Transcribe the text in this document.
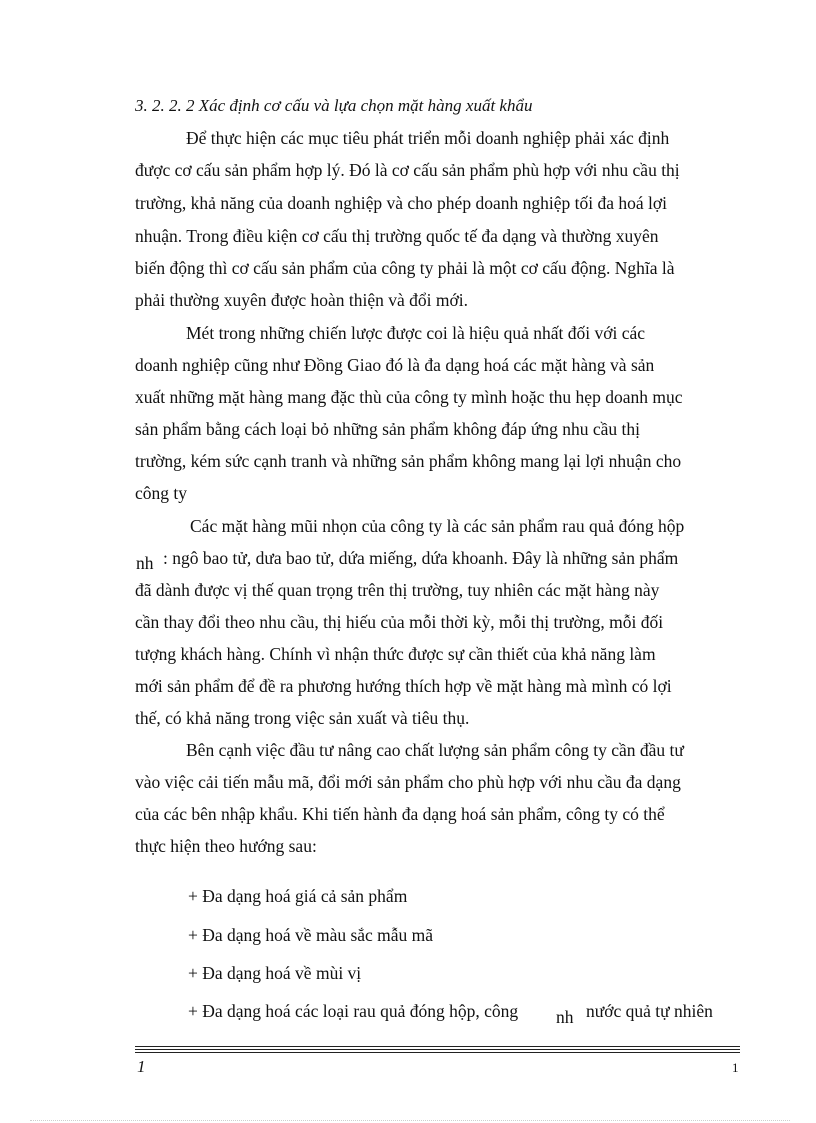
3. 2. 2. 2 Xác định cơ cấu và lựa chọn mặt hàng xuất khẩu
Để thực hiện các mục tiêu phát triển mỗi doanh nghiệp phải xác định
được cơ cấu sản phẩm hợp lý. Đó là cơ cấu sản phẩm phù hợp với nhu cầu thị
trường, khả năng của doanh nghiệp và cho phép doanh nghiệp tối đa hoá lợi
nhuận. Trong điều kiện cơ cấu thị trường quốc tế đa dạng và thường xuyên
biến động thì cơ cấu sản phẩm của công ty phải là một cơ cấu động. Nghĩa là
phải thường xuyên được hoàn thiện và đổi mới.
Mét trong những chiến lược được coi là hiệu quả nhất đối với các
doanh nghiệp cũng như Đồng Giao đó là đa dạng hoá các mặt hàng và sản
xuất những mặt hàng mang đặc thù của công ty mình hoặc thu hẹp doanh mục
sản phẩm bằng cách loại bỏ những sản phẩm không đáp ứng nhu cầu thị
trường, kém sức cạnh tranh và những sản phẩm không mang lại lợi nhuận cho
công ty
Các mặt hàng mũi nhọn của công ty là các sản phẩm rau quả đóng hộp
nh : ngô bao tử, dưa bao tử, dứa miếng, dứa khoanh. Đây là những sản phẩm
đã dành được vị thế quan trọng trên thị trường, tuy nhiên các mặt hàng này
cần thay đổi theo nhu cầu, thị hiếu của mỗi thời kỳ, mỗi thị trường, mỗi đối
tượng khách hàng. Chính vì nhận thức được sự cần thiết của khả năng làm
mới sản phẩm để đề ra phương hướng thích hợp về mặt hàng mà mình có lợi
thế, có khả năng trong việc sản xuất và tiêu thụ.
Bên cạnh việc đầu tư nâng cao chất lượng sản phẩm công ty cần đầu tư
vào việc cải tiến mẫu mã, đổi mới sản phẩm cho phù hợp với nhu cầu đa dạng
của các bên nhập khẩu. Khi tiến hành đa dạng hoá sản phẩm, công ty có thể
thực hiện theo hướng sau:
+ Đa dạng hoá giá cả sản phẩm
+ Đa dạng hoá về màu sắc mẫu mã
+ Đa dạng hoá về mùi vị
+ Đa dạng hoá các loại rau quả đóng hộp, công nh nước quả tự nhiên
1	1
